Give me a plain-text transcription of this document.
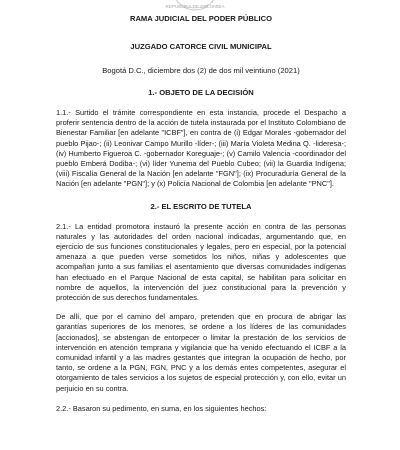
REPUBLICA DE COLOMBIA

RAMA JUDICIAL DEL PODER PÚBLICO

JUZGADO CATORCE CIVIL MUNICIPAL

Bogotá D.C., diciembre dos (2) de dos mil veintiuno (2021)

1.- OBJETO DE LA DECISIÓN

1.1.- Surtido el trámite correspondiente en esta instancia, procede el Despacho a proferir sentencia dentro de la acción de tutela instaurada por el Instituto Colombiano de Bienestar Familiar [en adelante "ICBF"], en contra de (i) Edgar Morales -gobernador del pueblo Pijao-; (ii) Leonivar Campo Murillo -líder-; (iii) María Violeta Medina Q. -lideresa-; (iv) Humberto Figueroa C. -gobernador Koreguaje-; (v) Camilo Valencia -coordinador del pueblo Emberá Dodiba-; (vi) líder Yunema del Pueblo Cubeo; (vii) la Guardia Indígena; (viii) Fiscalía General de la Nación [en adelante "FGN"]; (ix) Procuraduría General de la Nación [en adelante "PGN"]; y (x) Policía Nacional de Colombia [en adelante "PNC"].

2.- EL ESCRITO DE TUTELA

2.1.- La entidad promotora instauró la presente acción en contra de las personas naturales y las autoridades del orden nacional indicadas, argumentando que, en ejercicio de sus funciones constitucionales y legales, pero en especial, por la potencial amenaza a que pueden verse sometidos los niños, niñas y adolescentes que acompañan junto a sus familias el asentamiento que diversas comunidades indígenas han efectuado en el Parque Nacional de esta capital, se habilitan para solicitar en nombre de aquellos, la intervención del juez constitucional para la prevención y protección de sus derechos fundamentales.

De allí, que por el camino del amparo, pretenden que en procura de abrigar las garantías superiores de los menores, se ordene a los líderes de las comunidades [accionados], se abstengan de entorpecer o limitar la prestación de los servicios de intervención en atención temprana y vigilancia que ha venido efectuando el ICBF a la comunidad infantil y a las madres gestantes que integran la ocupación de hecho, por tanto, se ordene a la PGN, FGN, PNC y a los demás entes competentes, asegurar el otorgamiento de tales servicios a los sujetos de especial protección y, con ello, evitar un perjuicio en su contra.

2.2.- Basaron su pedimento, en suma, en los siguientes hechos:
